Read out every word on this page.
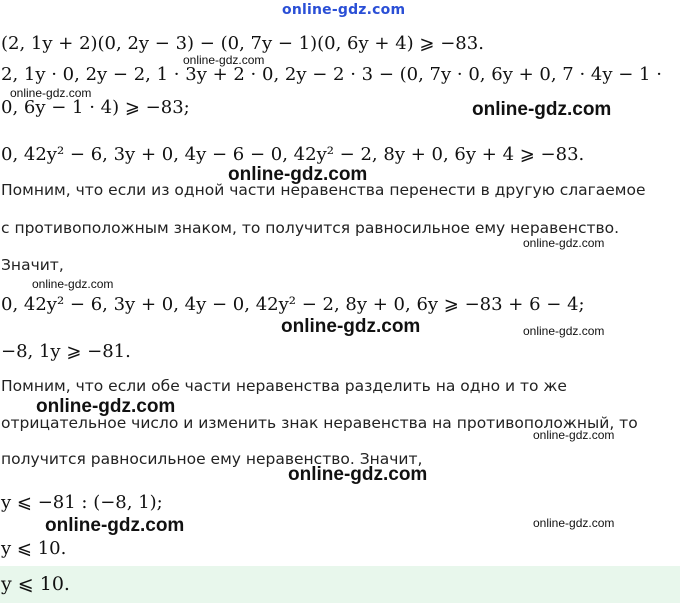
online-gdz.com
(2, 1y + 2)(0, 2y − 3) − (0, 7y − 1)(0, 6y + 4) ⩾ −83.
online-gdz.com
2, 1y · 0, 2y − 2, 1 · 3y + 2 · 0, 2y − 2 · 3 − (0, 7y · 0, 6y + 0, 7 · 4y − 1 ·
online-gdz.com
0, 6y − 1 · 4) ⩾ −83;	online-gdz.com
0, 42y² − 6, 3y + 0, 4y − 6 − 0, 42y² − 2, 8y + 0, 6y + 4 ⩾ −83.
online-gdz.com
Помним, что если из одной части неравенства перенести в другую слагаемое
с противоположным знаком, то получится равносильное ему неравенство.
online-gdz.com
Значит,
online-gdz.com
0, 42y² − 6, 3y + 0, 4y − 0, 42y² − 2, 8y + 0, 6y ⩾ −83 + 6 − 4;
online-gdz.com	online-gdz.com
−8, 1y ⩾ −81.
Помним, что если обе части неравенства разделить на одно и то же
online-gdz.com
отрицательное число и изменить знак неравенства на противоположный, то
online-gdz.com
получится равносильное ему неравенство. Значит,
online-gdz.com
y ⩽ −81 : (−8, 1);
online-gdz.com	online-gdz.com
y ⩽ 10.
y ⩽ 10.
